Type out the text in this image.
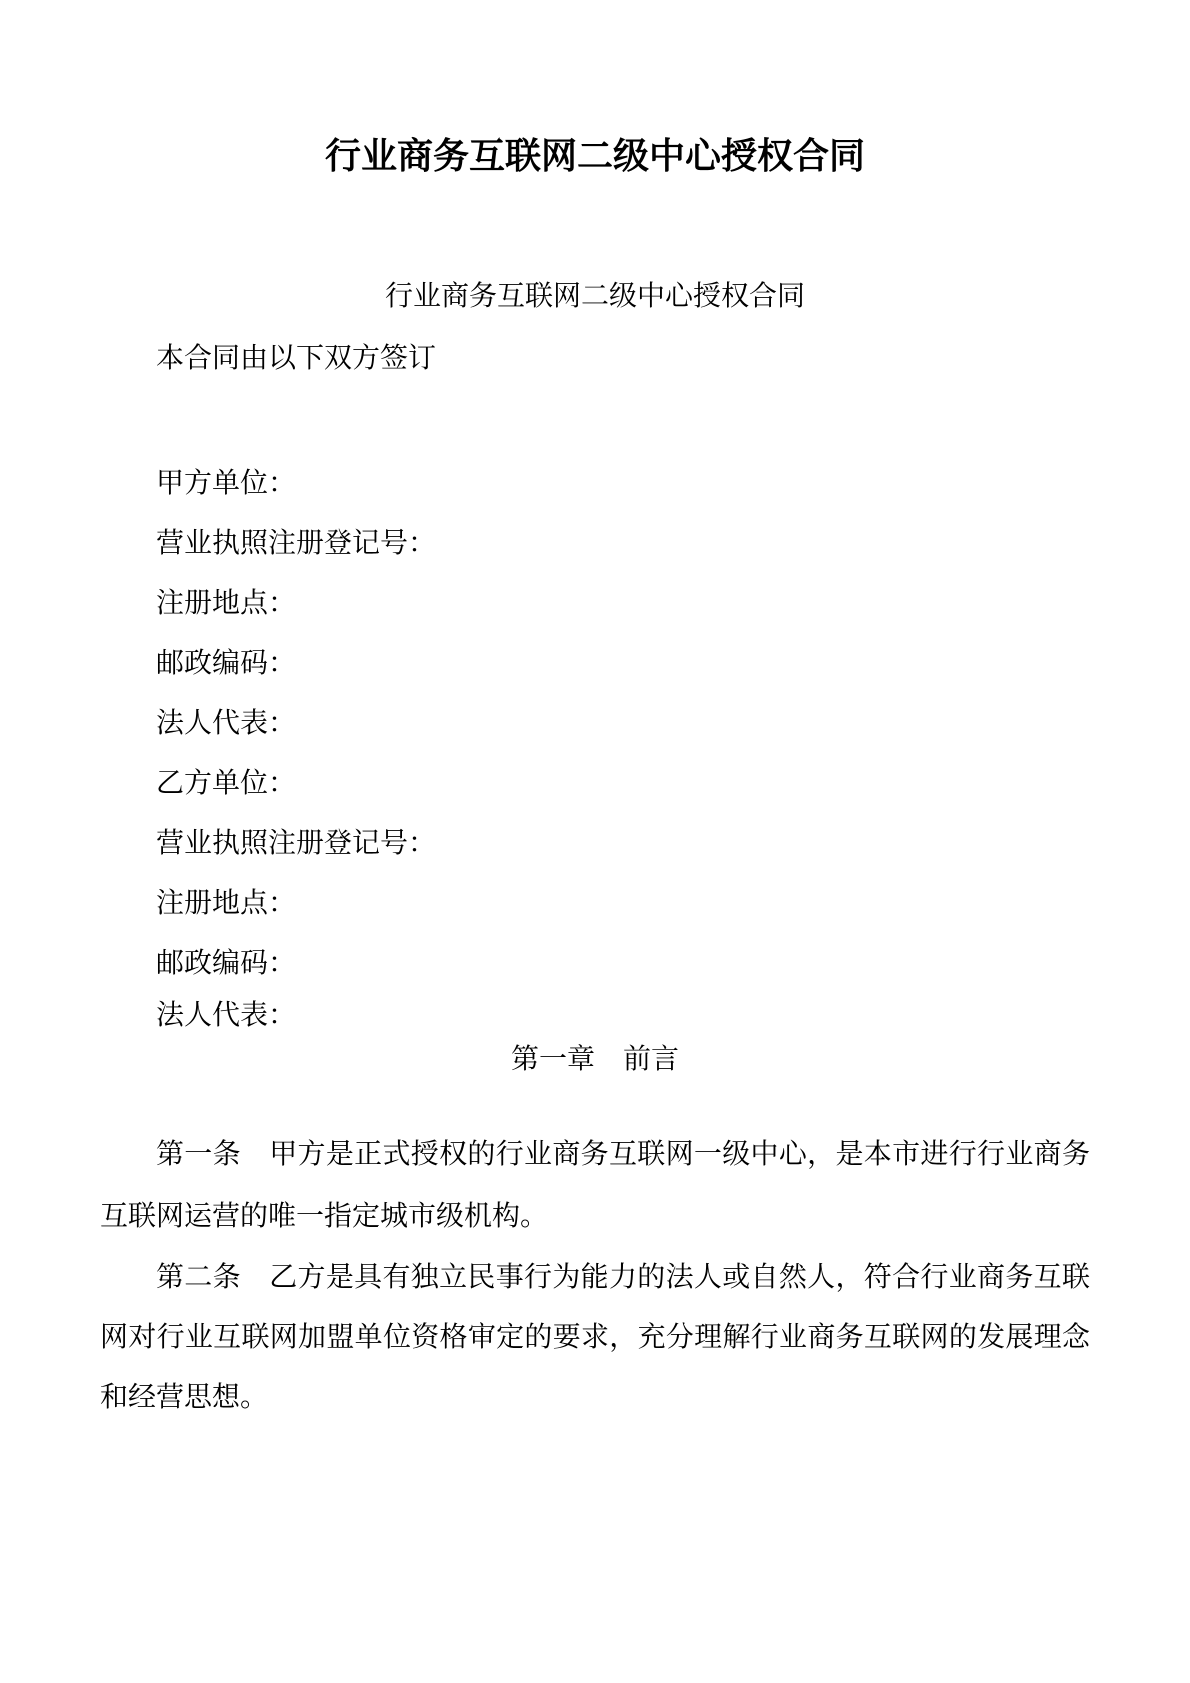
行业商务互联网二级中心授权合同
行业商务互联网二级中心授权合同

本合同由以下双方签订

甲方单位：

营业执照注册登记号：

注册地点：

邮政编码：

法人代表：

乙方单位：

营业执照注册登记号：

注册地点：

邮政编码：

法人代表：

第一章　前言

第一条　甲方是正式授权的行业商务互联网一级中心，是本市进行行业商务互联网运营的唯一指定城市级机构。

第二条　乙方是具有独立民事行为能力的法人或自然人，符合行业商务互联网对行业互联网加盟单位资格审定的要求，充分理解行业商务互联网的发展理念和经营思想。
